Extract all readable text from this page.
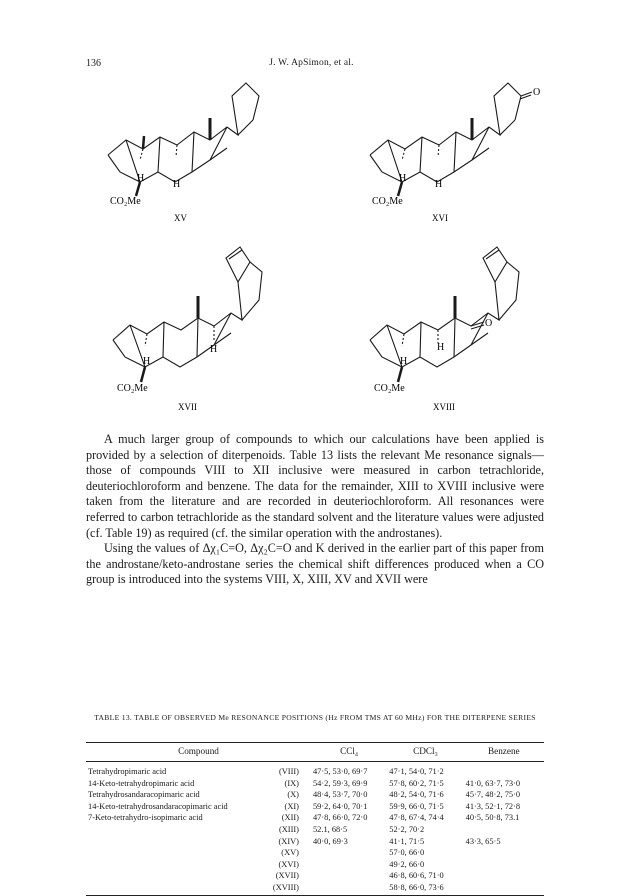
136	J. W. ApSimon, et al.
H
H
CO₂Me
XV
H
H
O
CO₂Me
XVI
H
H
CO₂Me
XVII
H
H
O
CO₂Me
XVIII

A much larger group of compounds to which our calculations have been applied is provided by a selection of diterpenoids. Table 13 lists the relevant Me resonance signals—those of compounds VIII to XII inclusive were measured in carbon tetrachloride, deuteriochloroform and benzene. The data for the remainder, XIII to XVIII inclusive were taken from the literature and are recorded in deuteriochloroform. All resonances were referred to carbon tetrachloride as the standard solvent and the literature values were adjusted (cf. Table 19) as required (cf. the similar operation with the androstanes).

Using the values of Δχ₁C=O, Δχ₂C=O and K derived in the earlier part of this paper from the androstane/keto-androstane series the chemical shift differences produced when a CO group is introduced into the systems VIII, X, XIII, XV and XVII were

TABLE 13. TABLE OF OBSERVED Me RESONANCE POSITIONS (Hz FROM TMS AT 60 MHz) FOR THE DITERPENE SERIES
Compound		CCl₄	CDCl₃	Benzene
Tetrahydropimaric acid	(VIII)	47·5, 53·0, 69·7	47·1, 54·0, 71·2	
14-Keto-tetrahydropimaric acid	(IX)	54·2, 59·3, 69·9	57·8, 60·2, 71·5	41·0, 63·7, 73·0
Tetrahydrosandaracopimaric acid	(X)	48·4, 53·7, 70·0	48·2, 54·0, 71·6	45·7, 48·2, 75·0
14-Keto-tetrahydrosandaracopimaric acid	(XI)	59·2, 64·0, 70·1	59·9, 66·0, 71·5	41·3, 52·1, 72·8
7-Keto-tetrahydro-isopimaric acid	(XII)	47·8, 66·0, 72·0	47·8, 67·4, 74·4	40·5, 50·8, 73.1
	(XIII)	52.1, 68·5	52·2, 70·2	
	(XIV)	40·0, 69·3	41·1, 71·5	43·3, 65·5
	(XV)		57·0, 66·0	
	(XVI)		49·2, 66·0	
	(XVII)		46·8, 60·6, 71·0	
	(XVIII)		58·8, 66·0, 73·6	
